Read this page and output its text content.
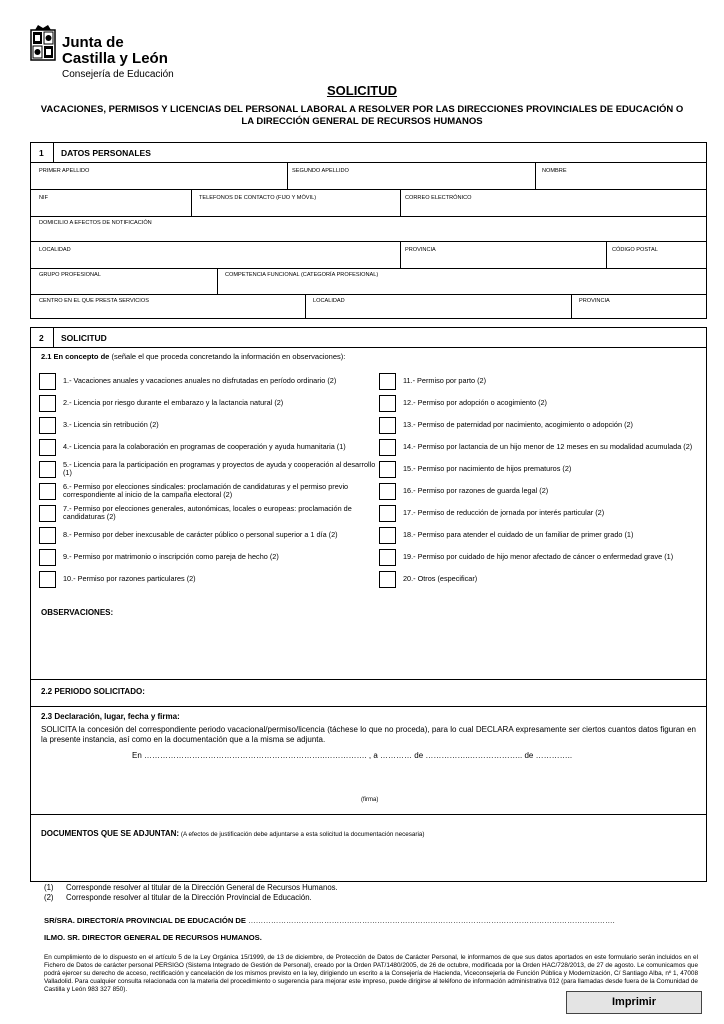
Junta de
Castilla y León
Consejería de Educación
SOLICITUD
VACACIONES, PERMISOS Y LICENCIAS DEL PERSONAL LABORAL A RESOLVER POR LAS DIRECCIONES PROVINCIALES DE EDUCACIÓN O LA DIRECCIÓN GENERAL DE RECURSOS HUMANOS
1 DATOS PERSONALES
PRIMER APELLIDO	SEGUNDO APELLIDO	NOMBRE
NIF	TELEFONOS DE CONTACTO (FIJO Y MÓVIL)	CORREO ELECTRÓNICO
DOMICILIO A EFECTOS DE NOTIFICACIÓN
LOCALIDAD	PROVINCIA	CÓDIGO POSTAL
GRUPO PROFESIONAL	COMPETENCIA FUNCIONAL (CATEGORÍA PROFESIONAL)
CENTRO EN EL QUE PRESTA SERVICIOS	LOCALIDAD	PROVINCIA
2 SOLICITUD
2.1 En concepto de (señale el que proceda concretando la información en observaciones):
1.- Vacaciones anuales y vacaciones anuales no disfrutadas en período ordinario (2)
2.- Licencia por riesgo durante el embarazo y la lactancia natural (2)
3.- Licencia sin retribución (2)
4.- Licencia para la colaboración en programas de cooperación y ayuda humanitaria (1)
5.- Licencia para la participación en programas y proyectos de ayuda y cooperación al desarrollo (1)
6.- Permiso por elecciones sindicales: proclamación de candidaturas y el permiso previo correspondiente al inicio de la campaña electoral (2)
7.- Permiso por elecciones generales, autonómicas, locales o europeas: proclamación de candidaturas (2)
8.- Permiso por deber inexcusable de carácter público o personal superior a 1 día (2)
9.- Permiso por matrimonio o inscripción como pareja de hecho (2)
10.- Permiso por razones particulares (2)
11.- Permiso por parto (2)
12.- Permiso por adopción o acogimiento (2)
13.- Permiso de paternidad por nacimiento, acogimiento o adopción (2)
14.- Permiso por lactancia de un hijo menor de 12 meses en su modalidad acumulada (2)
15.- Permiso por nacimiento de hijos prematuros (2)
16.- Permiso por razones de guarda legal (2)
17.- Permiso de reducción de jornada por interés particular (2)
18.- Permiso para atender el cuidado de un familiar de primer grado (1)
19.- Permiso por cuidado de hijo menor afectado de cáncer o enfermedad grave (1)
20.- Otros (especificar)
OBSERVACIONES:
2.2 PERIODO SOLICITADO:
2.3 Declaración, lugar, fecha y firma:
SOLICITA la concesión del correspondiente periodo vacacional/permiso/licencia (táchese lo que no proceda), para lo cual DECLARA expresamente ser ciertos cuantos datos figuran en la presente instancia, así como en la documentación que a la misma se adjunta.
En …………………………………………………………..……………. , a ………… de ……………..……………….. de …………..
(firma)
DOCUMENTOS QUE SE ADJUNTAN: (A efectos de justificación debe adjuntarse a esta solicitud la documentación necesaria)
(1) Corresponde resolver al titular de la Dirección General de Recursos Humanos.
(2) Corresponde resolver al titular de la Dirección Provincial de Educación.
SR/SRA. DIRECTOR/A PROVINCIAL DE EDUCACIÓN DE ……………………………………………………………………………………………………………………………….
ILMO. SR. DIRECTOR GENERAL DE RECURSOS HUMANOS.
En cumplimiento de lo dispuesto en el artículo 5 de la Ley Orgánica 15/1999, de 13 de diciembre, de Protección de Datos de Carácter Personal, le informamos de que sus datos aportados en este formulario serán incluidos en el Fichero de Datos de carácter personal PERSIGO (Sistema Integrado de Gestión de Personal), creado por la Orden PAT/1480/2005, de 26 de octubre, modificada por la Orden HAC/728/2013, de 27 de agosto. Le comunicamos que podrá ejercer su derecho de acceso, rectificación y cancelación de los mismos previsto en la ley, dirigiendo un escrito a la Consejería de Hacienda, Viceconsejería de Función Pública y Modernización, C/ Santiago Alba, nº 1, 47008 Valladolid. Para cualquier consulta relacionada con la materia del procedimiento o sugerencia para mejorar este impreso, puede dirigirse al teléfono de información administrativa 012 (para llamadas desde fuera de la Comunidad de Castilla y León 983 327 850).
Imprimir
